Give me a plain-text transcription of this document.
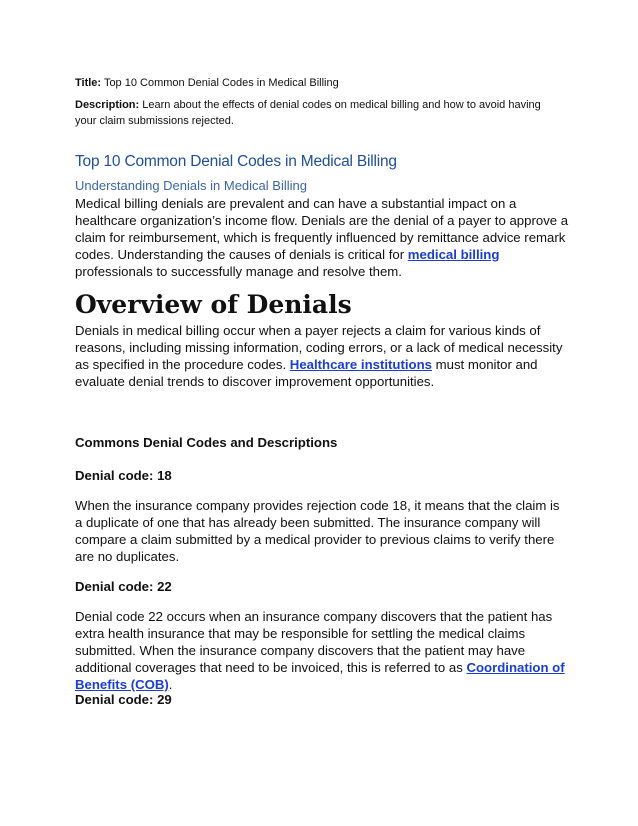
Title: Top 10 Common Denial Codes in Medical Billing
Description: Learn about the effects of denial codes on medical billing and how to avoid having your claim submissions rejected.
Top 10 Common Denial Codes in Medical Billing
Understanding Denials in Medical Billing
Medical billing denials are prevalent and can have a substantial impact on a healthcare organization’s income flow. Denials are the denial of a payer to approve a claim for reimbursement, which is frequently influenced by remittance advice remark codes. Understanding the causes of denials is critical for medical billing professionals to successfully manage and resolve them.
Overview of Denials
Denials in medical billing occur when a payer rejects a claim for various kinds of reasons, including missing information, coding errors, or a lack of medical necessity as specified in the procedure codes. Healthcare institutions must monitor and evaluate denial trends to discover improvement opportunities.
Commons Denial Codes and Descriptions
Denial code: 18
When the insurance company provides rejection code 18, it means that the claim is a duplicate of one that has already been submitted. The insurance company will compare a claim submitted by a medical provider to previous claims to verify there are no duplicates.
Denial code: 22
Denial code 22 occurs when an insurance company discovers that the patient has extra health insurance that may be responsible for settling the medical claims submitted. When the insurance company discovers that the patient may have additional coverages that need to be invoiced, this is referred to as Coordination of Benefits (COB).
Denial code: 29
